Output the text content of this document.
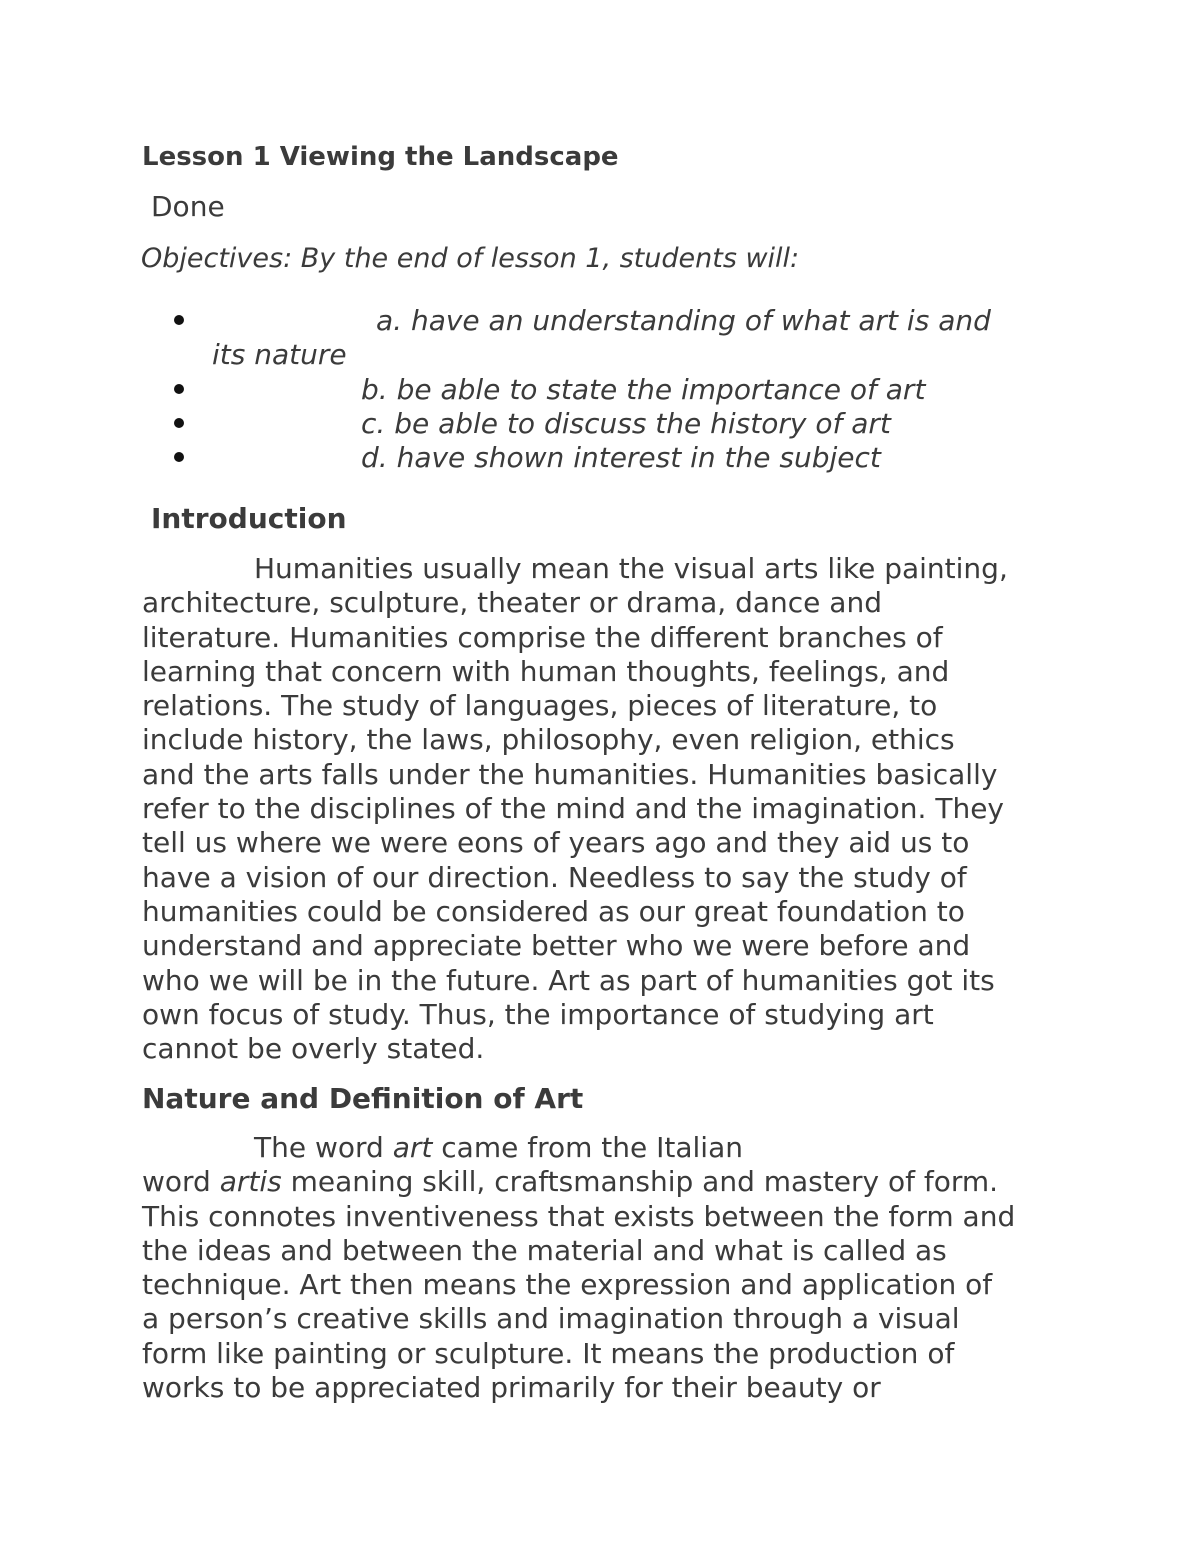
Lesson 1 Viewing the Landscape
Done
Objectives: By the end of lesson 1, students will:
a. have an understanding of what art is and
its nature
b. be able to state the importance of art
c. be able to discuss the history of art
d. have shown interest in the subject
Introduction
Humanities usually mean the visual arts like painting,
architecture, sculpture, theater or drama, dance and
literature. Humanities comprise the different branches of
learning that concern with human thoughts, feelings, and
relations. The study of languages, pieces of literature, to
include history, the laws, philosophy, even religion, ethics
and the arts falls under the humanities. Humanities basically
refer to the disciplines of the mind and the imagination. They
tell us where we were eons of years ago and they aid us to
have a vision of our direction. Needless to say the study of
humanities could be considered as our great foundation to
understand and appreciate better who we were before and
who we will be in the future. Art as part of humanities got its
own focus of study. Thus, the importance of studying art
cannot be overly stated.
Nature and Definition of Art
The word art came from the Italian
word artis meaning skill, craftsmanship and mastery of form.
This connotes inventiveness that exists between the form and
the ideas and between the material and what is called as
technique. Art then means the expression and application of
a person’s creative skills and imagination through a visual
form like painting or sculpture. It means the production of
works to be appreciated primarily for their beauty or
